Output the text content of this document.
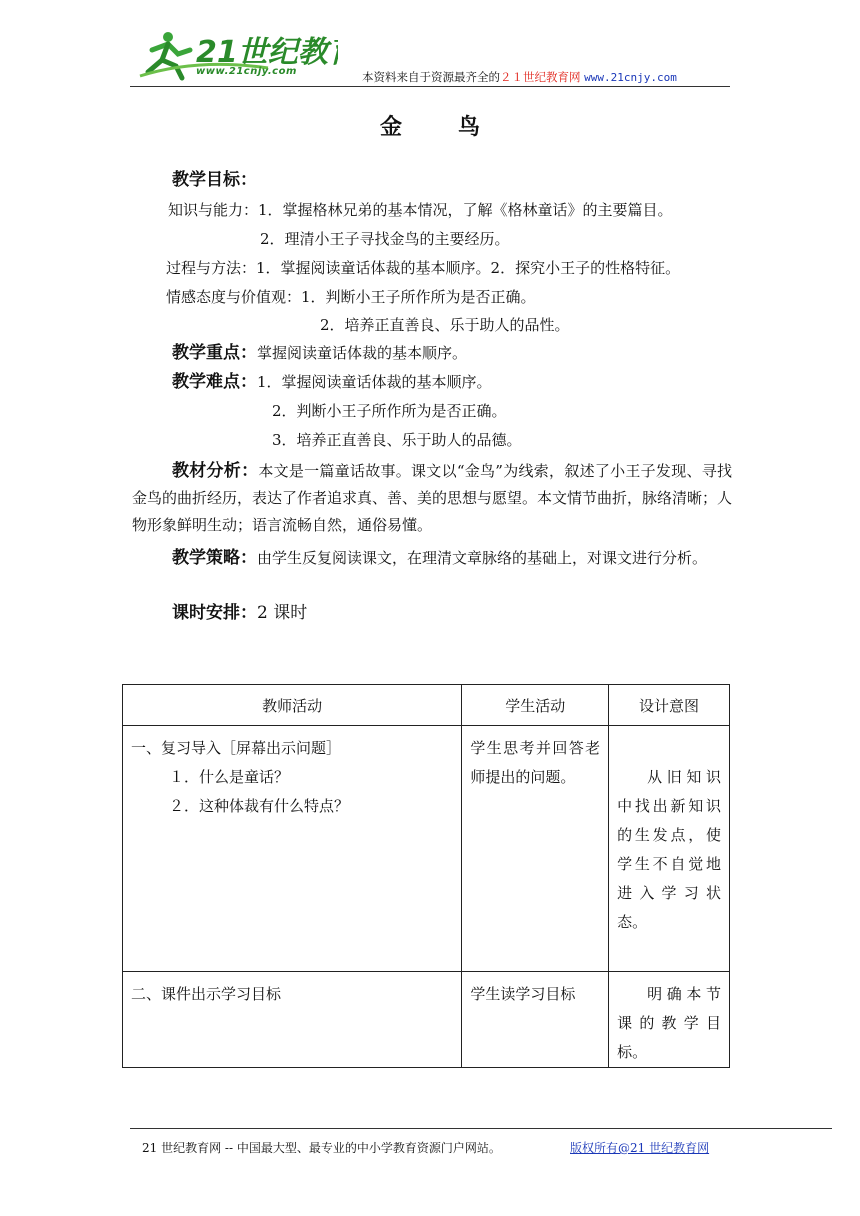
21世纪教
www.21cnjy.com	本资料来自于资源最齐全的２１世纪教育网 www.21cnjy.com
金鸟
教学目标：
知识与能力：1．掌握格林兄弟的基本情况，了解《格林童话》的主要篇目。
2．理清小王子寻找金鸟的主要经历。
过程与方法：1．掌握阅读童话体裁的基本顺序。2．探究小王子的性格特征。
情感态度与价值观：1．判断小王子所作所为是否正确。
2．培养正直善良、乐于助人的品性。
教学重点：掌握阅读童话体裁的基本顺序。
教学难点：1．掌握阅读童话体裁的基本顺序。
2．判断小王子所作所为是否正确。
3．培养正直善良、乐于助人的品德。
教材分析：本文是一篇童话故事。课文以“金鸟”为线索，叙述了小王子发现、寻找金鸟的曲折经历，表达了作者追求真、善、美的思想与愿望。本文情节曲折，脉络清晰；人物形象鲜明生动；语言流畅自然，通俗易懂。
教学策略：由学生反复阅读课文，在理清文章脉络的基础上，对课文进行分析。
课时安排：2 课时
教师活动	学生活动	设计意图

一、复习导入［屏幕出示问题］
１．什么是童话？
２．这种体裁有什么特点？	学生思考并回答老师提出的问题。	从旧知识中找出新知识的生发点，使学生不自觉地进入学习状态。

二、课件出示学习目标	学生读学习目标	明确本节课的教学目标。
21 世纪教育网 -- 中国最大型、最专业的中小学教育资源门户网站。	版权所有@21 世纪教育网
